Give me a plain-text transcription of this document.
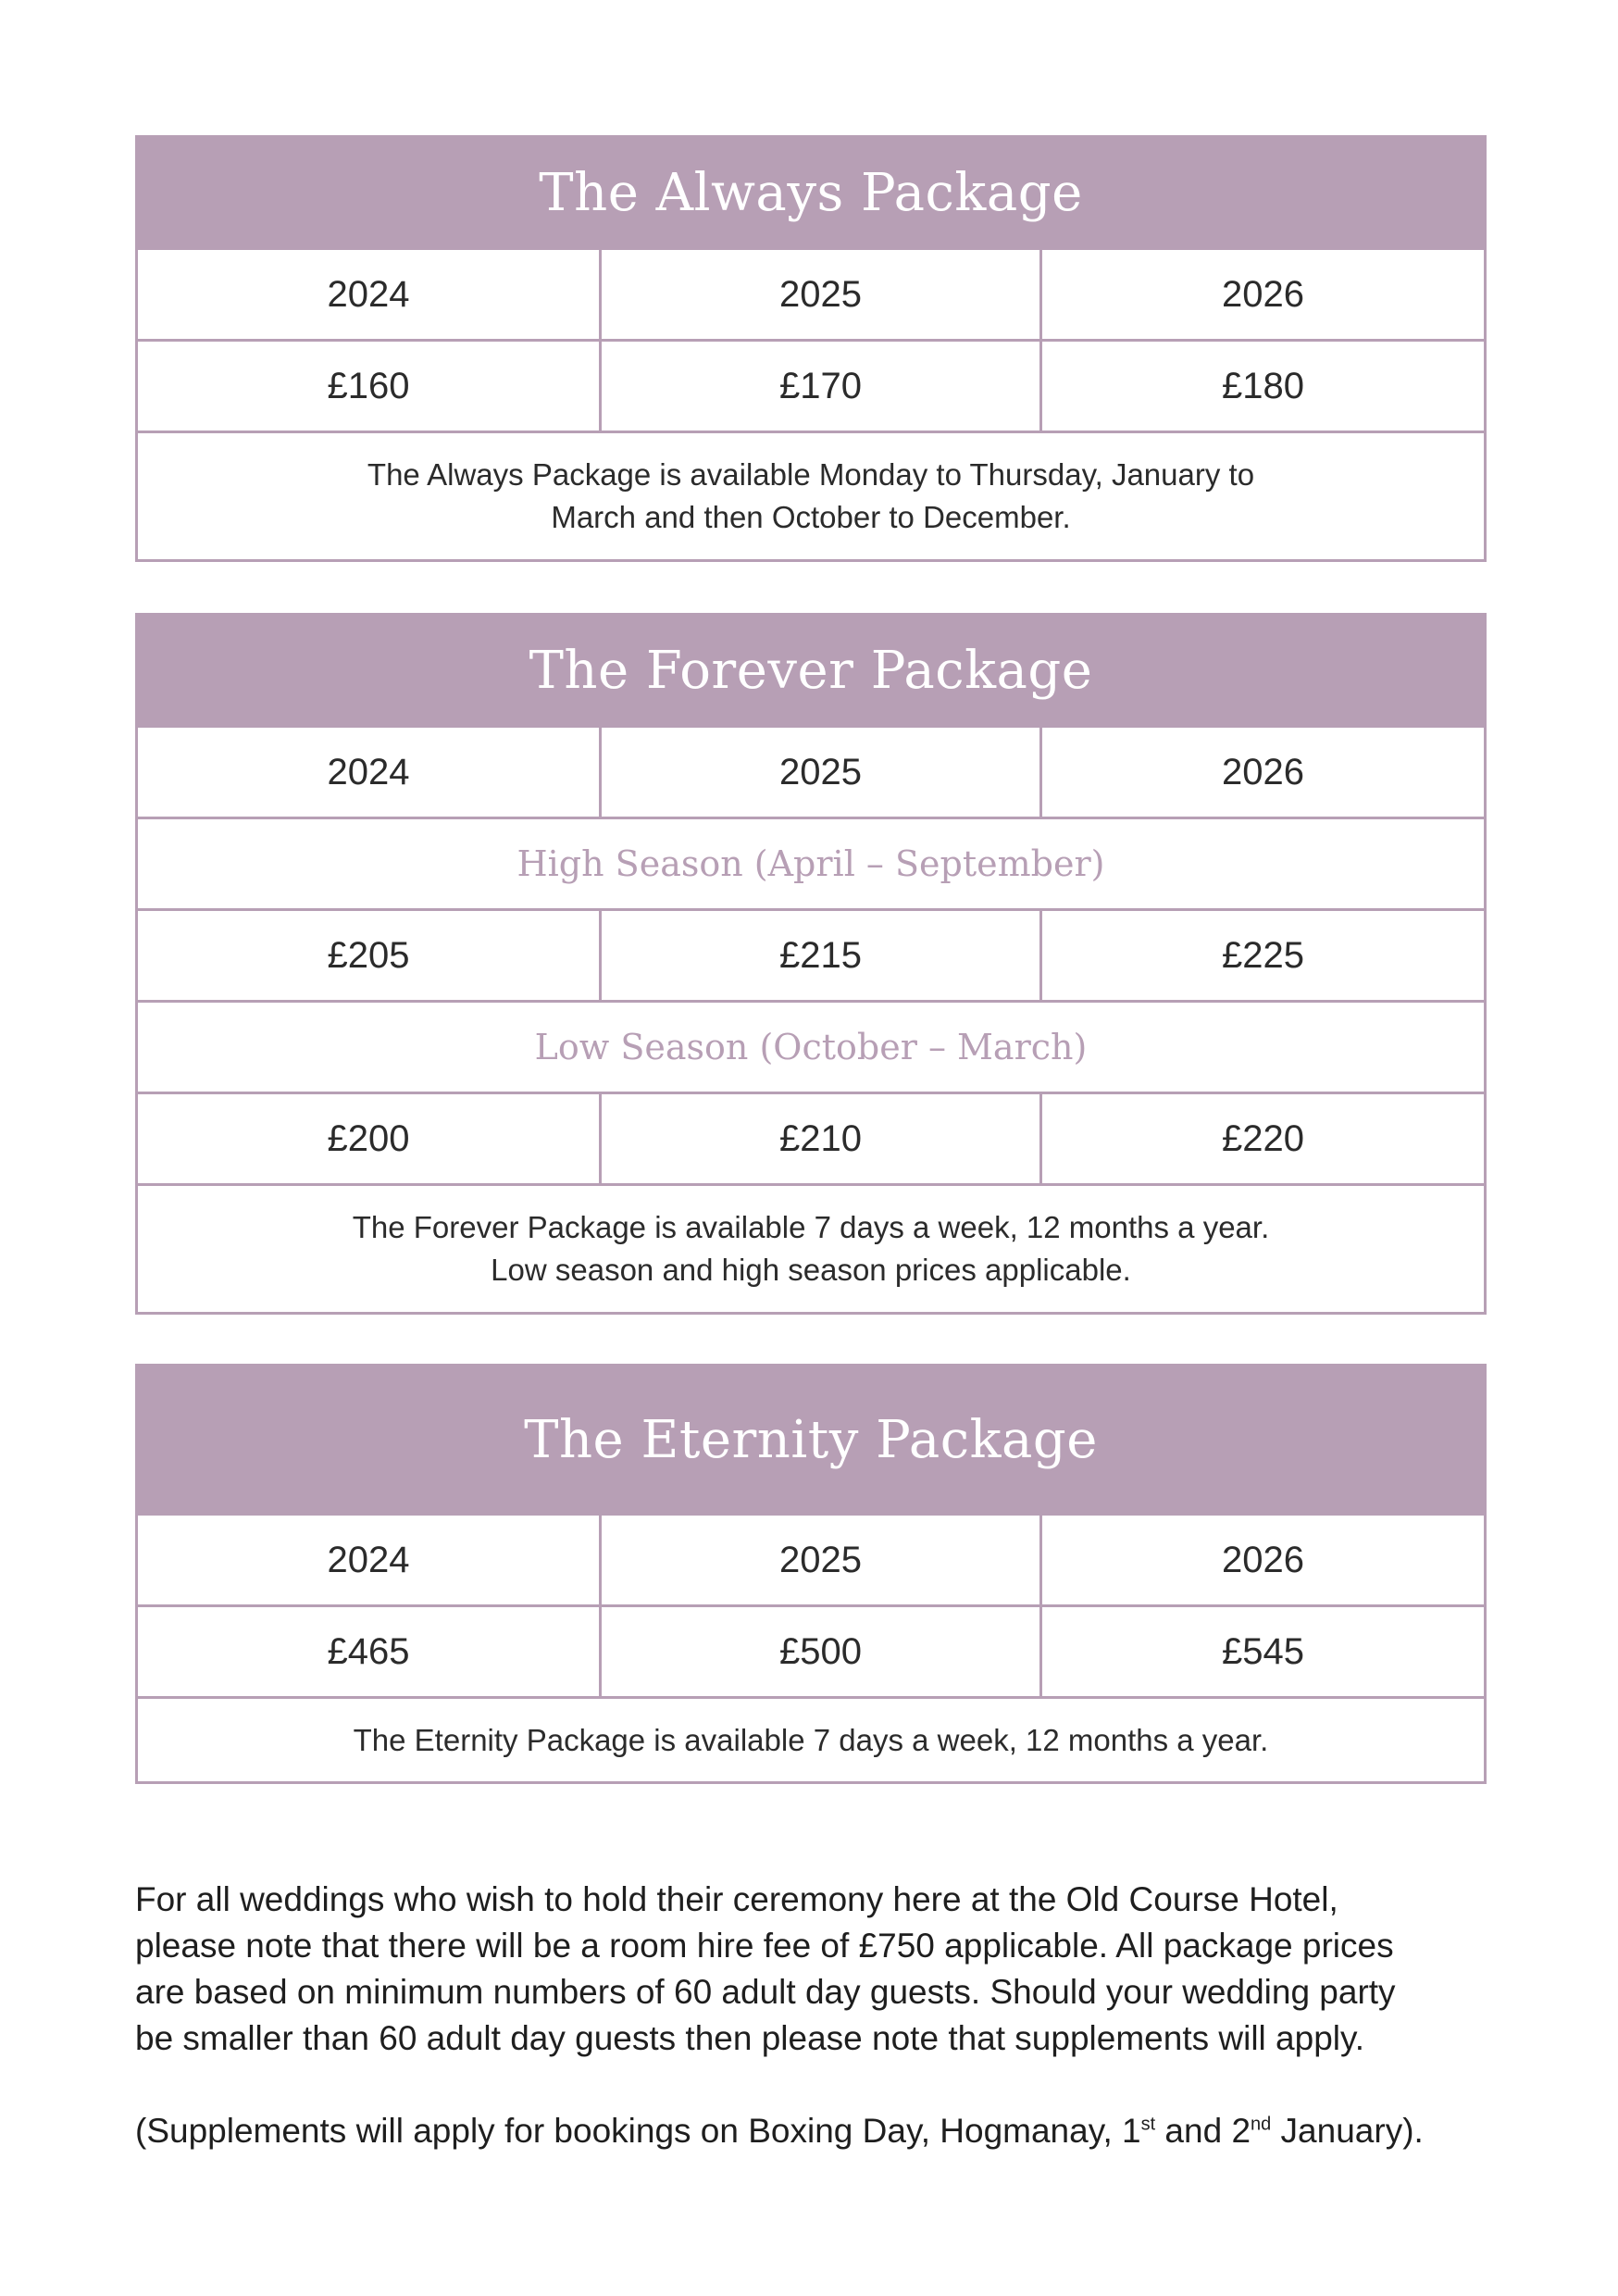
The Always Package
2024	2025	2026
£160	£170	£180
The Always Package is available Monday to Thursday, January to
March and then October to December.
The Forever Package
2024	2025	2026
High Season (April – September)
£205	£215	£225
Low Season (October – March)
£200	£210	£220
The Forever Package is available 7 days a week, 12 months a year.
Low season and high season prices applicable.
The Eternity Package
2024	2025	2026
£465	£500	£545
The Eternity Package is available 7 days a week, 12 months a year.

For all weddings who wish to hold their ceremony here at the Old Course Hotel,

please note that there will be a room hire fee of £750 applicable. All package prices

are based on minimum numbers of 60 adult day guests. Should your wedding party

be smaller than 60 adult day guests then please note that supplements will apply.

(Supplements will apply for bookings on Boxing Day, Hogmanay, 1st and 2nd January).
